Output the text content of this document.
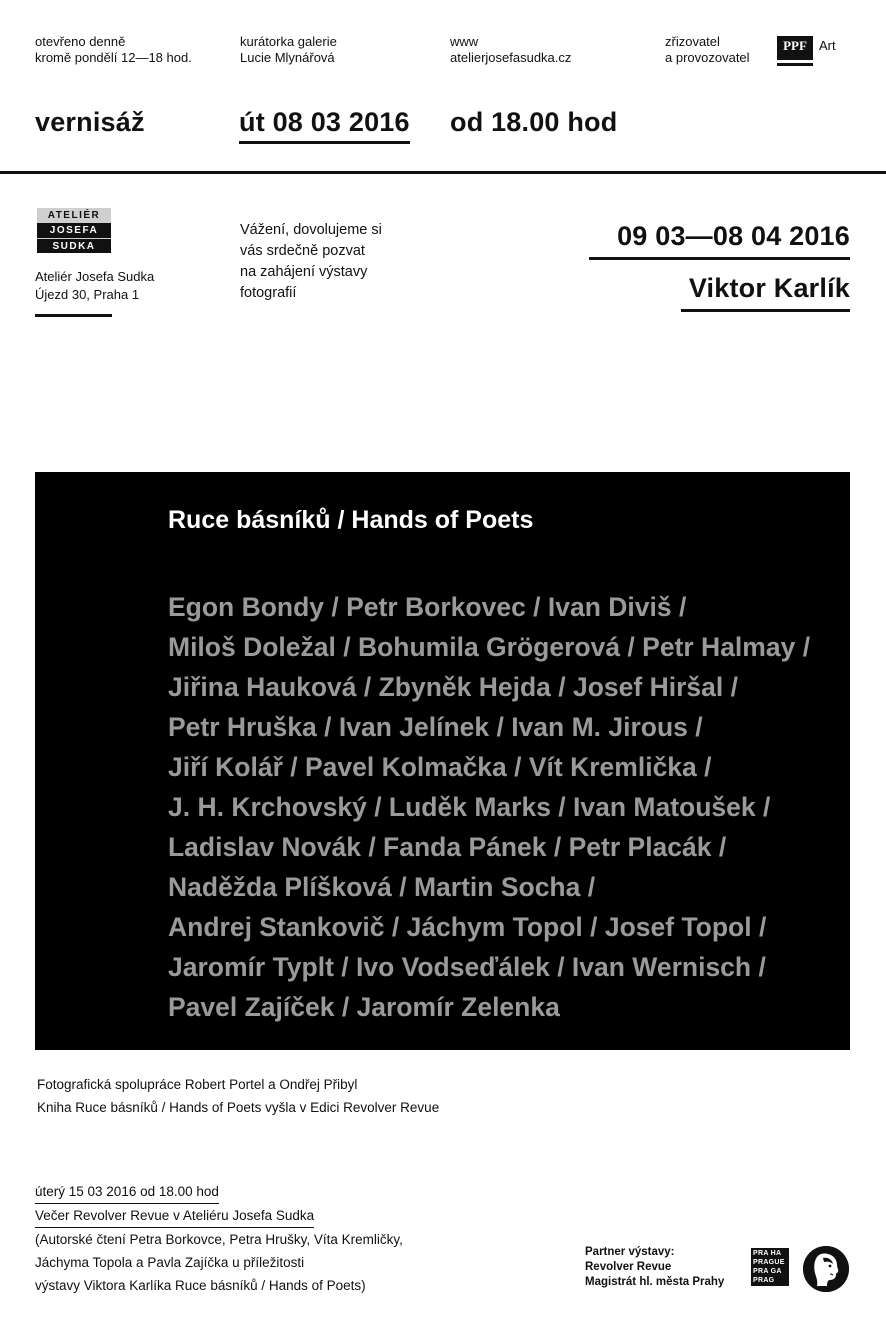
otevřeno denně
kromě pondělí 12—18 hod.
kurátorka galerie
Lucie Mlynářová
www
atelierjosefasudka.cz
zřizovatel
a provozovatel
PPF Art
vernisáž	út 08 03 2016 od 18.00 hod
ATELIÉR
JOSEFA
SUDKA
Ateliér Josefa Sudka
Újezd 30, Praha 1
Vážení, dovolujeme si
vás srdečně pozvat
na zahájení výstavy
fotografií
09 03—08 04 2016
Viktor Karlík
Ruce básníků / Hands of Poets
Egon Bondy / Petr Borkovec / Ivan Diviš /
Miloš Doležal / Bohumila Grögerová / Petr Halmay /
Jiřina Hauková / Zbyněk Hejda / Josef Hiršal /
Petr Hruška / Ivan Jelínek / Ivan M. Jirous /
Jiří Kolář / Pavel Kolmačka / Vít Kremlička /
J. H. Krchovský / Luděk Marks / Ivan Matoušek /
Ladislav Novák / Fanda Pánek / Petr Placák /
Naděžda Plíšková / Martin Socha /
Andrej Stankovič / Jáchym Topol / Josef Topol /
Jaromír Typlt / Ivo Vodseďálek / Ivan Wernisch /
Pavel Zajíček / Jaromír Zelenka
Fotografická spolupráce Robert Portel a Ondřej Přibyl
Kniha Ruce básníků / Hands of Poets vyšla v Edici Revolver Revue
úterý 15 03 2016 od 18.00 hod
Večer Revolver Revue v Ateliéru Josefa Sudka
(Autorské čtení Petra Borkovce, Petra Hrušky, Víta Kremličky,
Jáchyma Topola a Pavla Zajíčka u příležitosti
výstavy Viktora Karlíka Ruce básníků / Hands of Poets)
Partner výstavy:
Revolver Revue
Magistrát hl. města Prahy
PRA HA
PRAGUE
PRA GA
PRAG
